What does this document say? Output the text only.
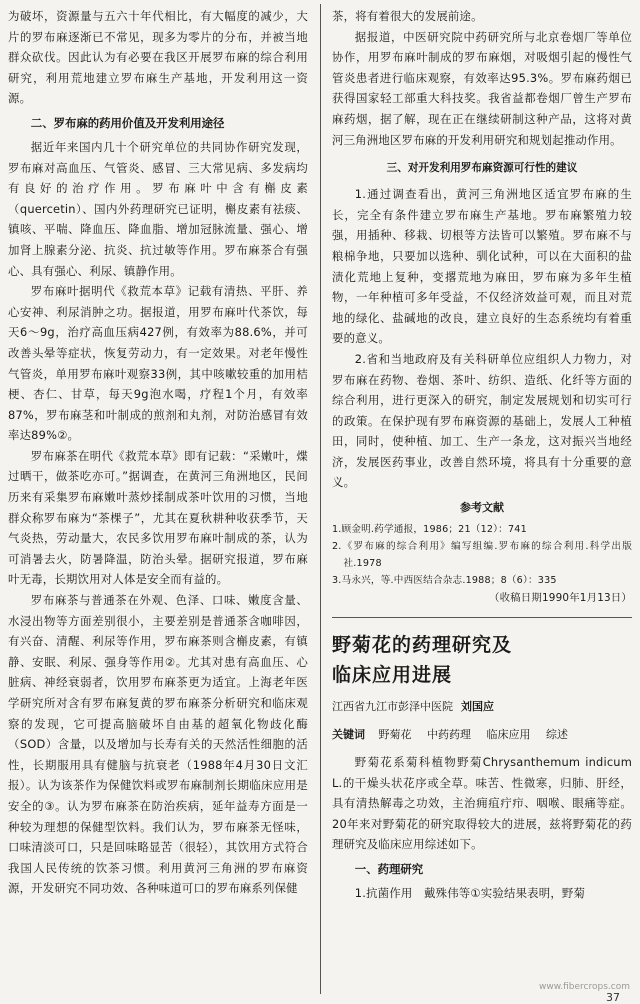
为破坏，资源量与五六十年代相比，有大幅度的减少，大片的罗布麻逐渐已不常见，现多为零片的分布，并被当地群众砍伐。因此认为有必要在我区开展罗布麻的综合利用研究，利用荒地建立罗布麻生产基地，开发利用这一资源。

二、罗布麻的药用价值及开发利用途径

据近年来国内几十个研究单位的共同协作研究发现，罗布麻对高血压、气管炎、感冒、三大常见病、多发病均有良好的治疗作用。罗布麻叶中含有槲皮素（quercetin）、国内外药理研究已证明，槲皮素有祛痰、镇咳、平喘、降血压、降血脂、增加冠脉流量、强心、增加肾上腺素分泌、抗炎、抗过敏等作用。罗布麻茶合有强心、具有强心、利尿、镇静作用。

罗布麻叶据明代《救荒本草》记载有清热、平肝、养心安神、利尿消肿之功。据报道，用罗布麻叶代茶饮，每天6～9g，治疗高血压病427例，有效率为88.6%，并可改善头晕等症状，恢复劳动力，有一定效果。对老年慢性气管炎，单用罗布麻叶观察33例，其中咳嗽较重的加用桔梗、杏仁、甘草，每天9g泡水喝，疗程1个月，有效率87%，罗布麻茎和叶制成的煎剂和丸剂，对防治感冒有效率达89%②。

罗布麻茶在明代《救荒本草》即有记载：“采嫩叶，煠过晒干，做茶吃亦可。”据调查，在黄河三角洲地区，民间历来有采集罗布麻嫩叶蒸炒揉制成茶叶饮用的习惯，当地群众称罗布麻为“茶棵子”，尤其在夏秋耕种收获季节，天气炎热，劳动量大，农民多饮用罗布麻叶制成的茶，认为可消暑去火，防暑降温，防治头晕。据研究报道，罗布麻叶无毒，长期饮用对人体是安全而有益的。

罗布麻茶与普通茶在外观、色泽、口味、嫩度含量、水浸出物等方面差别很小，主要差别是普通茶含咖啡因，有兴奋、清醒、利尿等作用，罗布麻茶则含槲皮素，有镇静、安眠、利尿、强身等作用②。尤其对患有高血压、心脏病、神经衰弱者，饮用罗布麻茶更为适宜。上海老年医学研究所对含有罗布麻复黄的罗布麻茶分析研究和临床观察的发现，它可提高脑破坏自由基的超氧化物歧化酶（SOD）含量，以及增加与长寿有关的天然活性细胞的活性，长期服用具有健脑与抗衰老（1988年4月30日文汇报）。认为该茶作为保健饮料或罗布麻制剂长期临床应用是安全的③。认为罗布麻茶在防治疾病，延年益寿方面是一种较为理想的保健型饮料。我们认为，罗布麻茶无怪味，口味清淡可口，只是回味略显苦（很轻），其饮用方式符合我国人民传统的饮茶习惯。利用黄河三角洲的罗布麻资源，开发研究不同功效、各种味道可口的罗布麻系列保健

茶，将有着很大的发展前途。

据报道，中医研究院中药研究所与北京卷烟厂等单位协作，用罗布麻叶制成的罗布麻烟，对吸烟引起的慢性气管炎患者进行临床观察，有效率达95.3%。罗布麻药烟已获得国家轻工部重大科技奖。我省益都卷烟厂曾生产罗布麻药烟，据了解，现在正在继续研制这种产品，这将对黄河三角洲地区罗布麻的开发利用研究和规划起推动作用。

三、对开发利用罗布麻资源可行性的建议

1.通过调查看出，黄河三角洲地区适宜罗布麻的生长，完全有条件建立罗布麻生产基地。罗布麻繁殖力较强，用插种、移栽、切根等方法皆可以繁殖。罗布麻不与粮棉争地，只要加以选种、驯化试种，可以在大面积的盐渍化荒地上复种，变撂荒地为麻田，罗布麻为多年生植物，一年种植可多年受益，不仅经济效益可观，而且对荒地的绿化、盐碱地的改良，建立良好的生态系统均有着重要的意义。

2.省和当地政府及有关科研单位应组织人力物力，对罗布麻在药物、卷烟、茶叶、纺织、造纸、化纤等方面的综合利用，进行更深入的研究，制定发展规划和切实可行的政策。在保护现有罗布麻资源的基础上，发展人工种植田，同时，使种植、加工、生产一条龙，这对振兴当地经济，发展医药事业，改善自然环境，将具有十分重要的意义。

参考文献

1.顾金明.药学通报，1986；21（12）：741

2.《罗布麻的综合利用》编写组编.罗布麻的综合利用.科学出版社.1978

3.马永兴，等.中西医结合杂志.1988；8（6）：335

（收稿日期1990年1月13日）

野菊花的药理研究及
临床应用进展
江西省九江市彭泽中医院 刘国应
关键词 野菊花 中药药理 临床应用 综述

野菊花系菊科植物野菊Chrysanthemum indicum L.的干燥头状花序或全草。味苦、性微寒，归肺、肝经，具有清热解毒之功效，主治痈疽疔疖、咽喉、眼痛等症。20年来对野菊花的研究取得较大的进展，兹将野菊花的药理研究及临床应用综述如下。

一、药理研究

1.抗菌作用　戴殊伟等①实验结果表明，野菊

www.fibercrops.com
37
